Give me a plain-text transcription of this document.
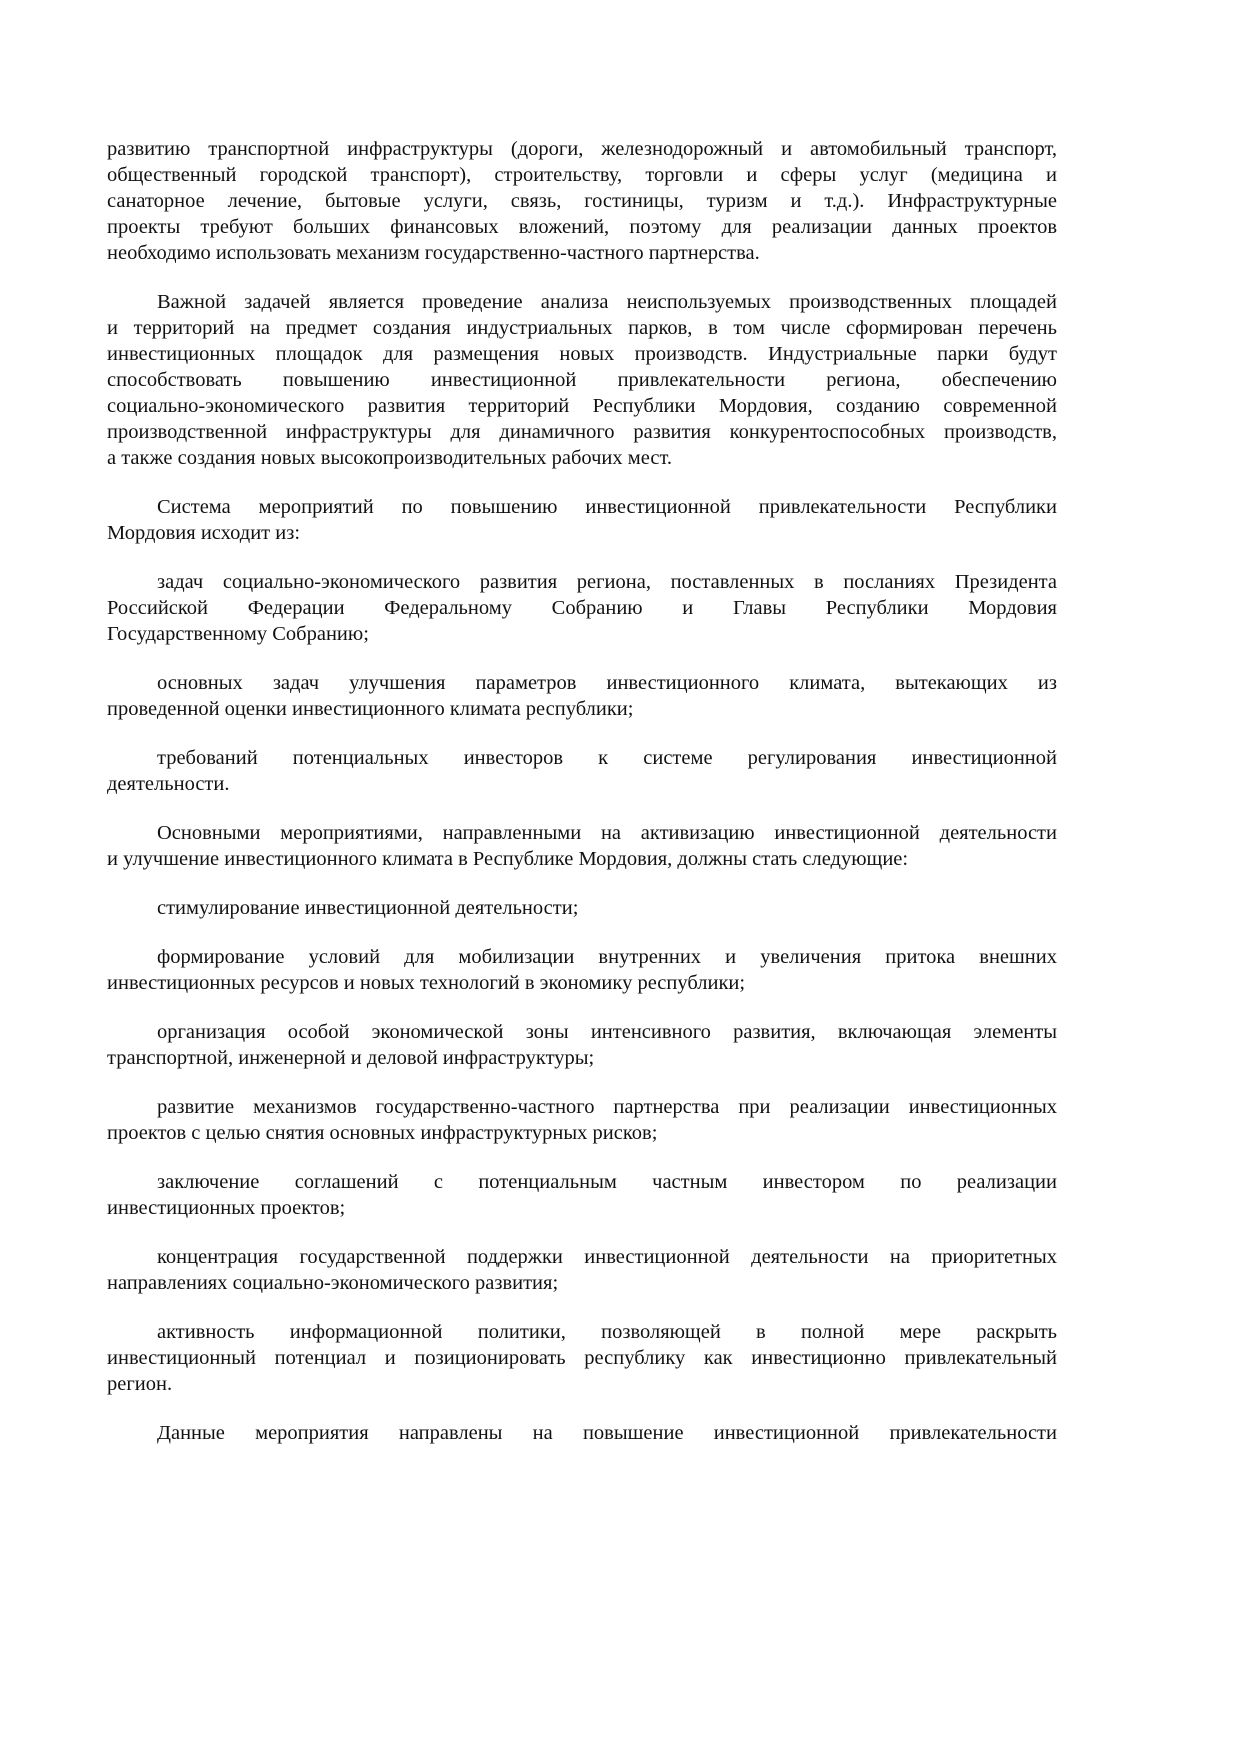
развитию транспортной инфраструктуры (дороги, железнодорожный и автомобильный транспорт,
общественный городской транспорт), строительству, торговли и сферы услуг (медицина и
санаторное лечение, бытовые услуги, связь, гостиницы, туризм и т.д.). Инфраструктурные
проекты требуют больших финансовых вложений, поэтому для реализации данных проектов
необходимо использовать механизм государственно-частного партнерства.
Важной задачей является проведение анализа неиспользуемых производственных площадей
и территорий на предмет создания индустриальных парков, в том числе сформирован перечень
инвестиционных площадок для размещения новых производств. Индустриальные парки будут
способствовать повышению инвестиционной привлекательности региона, обеспечению
социально-экономического развития территорий Республики Мордовия, созданию современной
производственной инфраструктуры для динамичного развития конкурентоспособных производств,
а также создания новых высокопроизводительных рабочих мест.
Система мероприятий по повышению инвестиционной привлекательности Республики
Мордовия исходит из:
задач социально-экономического развития региона, поставленных в посланиях Президента
Российской Федерации Федеральному Собранию и Главы Республики Мордовия
Государственному Собранию;
основных задач улучшения параметров инвестиционного климата, вытекающих из
проведенной оценки инвестиционного климата республики;
требований потенциальных инвесторов к системе регулирования инвестиционной
деятельности.
Основными мероприятиями, направленными на активизацию инвестиционной деятельности
и улучшение инвестиционного климата в Республике Мордовия, должны стать следующие:
стимулирование инвестиционной деятельности;
формирование условий для мобилизации внутренних и увеличения притока внешних
инвестиционных ресурсов и новых технологий в экономику республики;
организация особой экономической зоны интенсивного развития, включающая элементы
транспортной, инженерной и деловой инфраструктуры;
развитие механизмов государственно-частного партнерства при реализации инвестиционных
проектов с целью снятия основных инфраструктурных рисков;
заключение соглашений с потенциальным частным инвестором по реализации
инвестиционных проектов;
концентрация государственной поддержки инвестиционной деятельности на приоритетных
направлениях социально-экономического развития;
активность информационной политики, позволяющей в полной мере раскрыть
инвестиционный потенциал и позиционировать республику как инвестиционно привлекательный
регион.
Данные мероприятия направлены на повышение инвестиционной привлекательности
